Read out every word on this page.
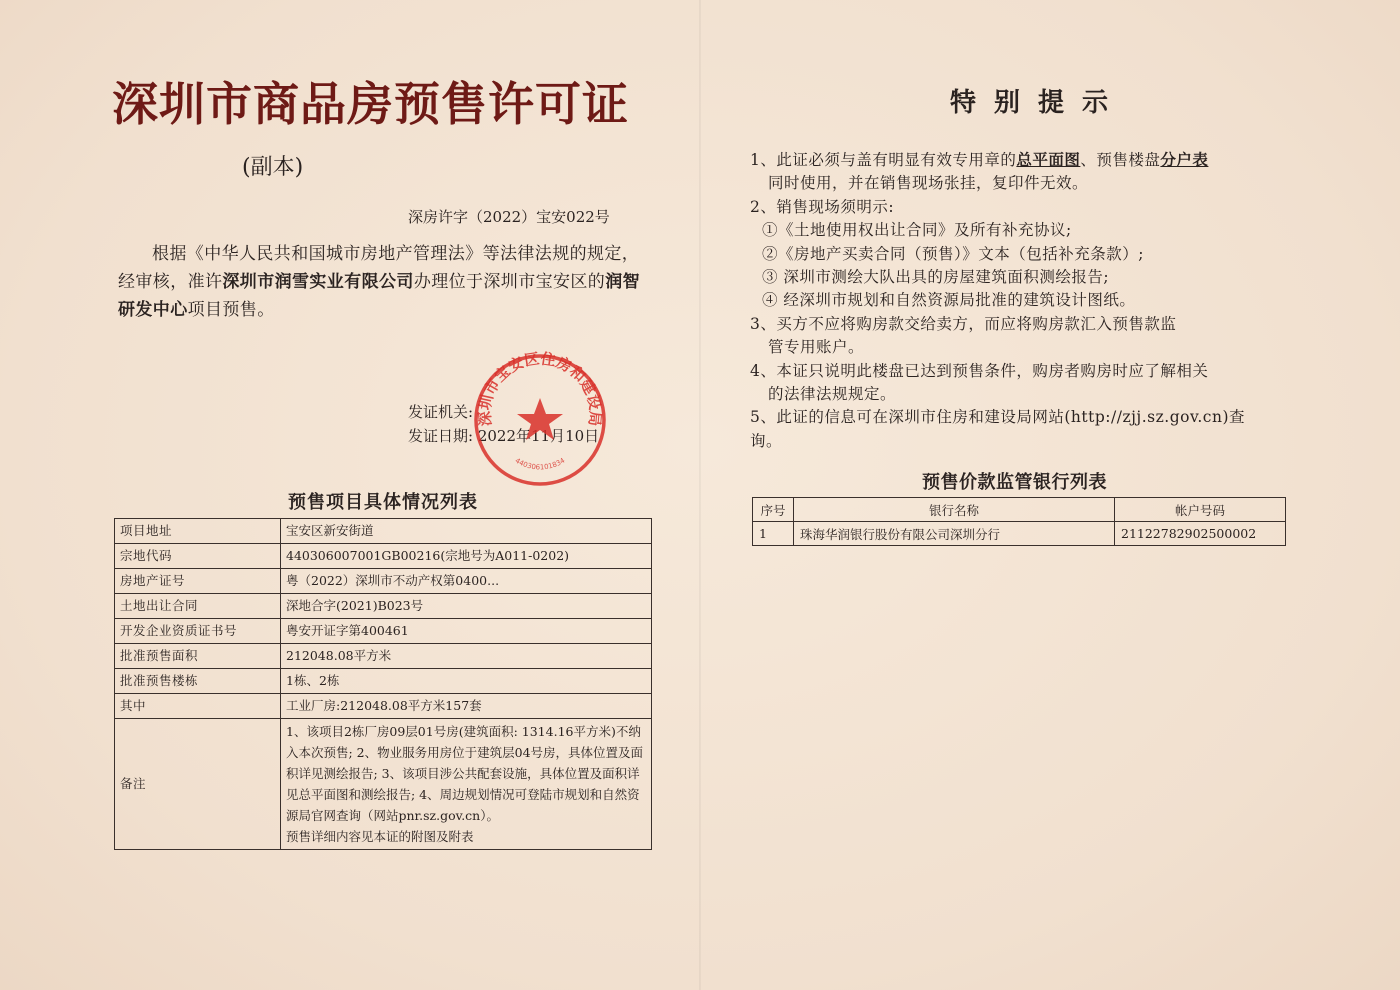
深圳市商品房预售许可证
(副本)
深房许字（2022）宝安022号
根据《中华人民共和国城市房地产管理法》等法律法规的规定，经审核，准许深圳市润雪实业有限公司办理位于深圳市宝安区的润智研发中心项目预售。
发证机关:
发证日期: 2022年11月10日
深圳市宝安区住房和建设局
440306101834
预售项目具体情况列表
项目地址	宝安区新安街道
宗地代码	440306007001GB00216(宗地号为A011-0202)
房地产证号	粤（2022）深圳市不动产权第0400...
土地出让合同	深地合字(2021)B023号
开发企业资质证书号	粤安开证字第400461
批准预售面积	212048.08平方米
批准预售楼栋	1栋、2栋
其中	工业厂房:212048.08平方米157套
备注	1、该项目2栋厂房09层01号房(建筑面积: 1314.16平方米)不纳入本次预售; 2、物业服务用房位于建筑层04号房，具体位置及面积详见测绘报告; 3、该项目涉公共配套设施，具体位置及面积详见总平面图和测绘报告; 4、周边规划情况可登陆市规划和自然资源局官网查询（网站pnr.sz.gov.cn）。
预售详细内容见本证的附图及附表
特别提示

1、此证必须与盖有明显有效专用章的总平面图、预售楼盘分户表

同时使用，并在销售现场张挂，复印件无效。

2、销售现场须明示:

①《土地使用权出让合同》及所有补充协议;

②《房地产买卖合同（预售）》文本（包括补充条款）;

③ 深圳市测绘大队出具的房屋建筑面积测绘报告;

④ 经深圳市规划和自然资源局批准的建筑设计图纸。

3、买方不应将购房款交给卖方，而应将购房款汇入预售款监

管专用账户。

4、本证只说明此楼盘已达到预售条件，购房者购房时应了解相关

的法律法规规定。

5、此证的信息可在深圳市住房和建设局网站(http://zjj.sz.gov.cn)查

询。

预售价款监管银行列表
序号	银行名称	帐户号码
1	珠海华润银行股份有限公司深圳分行	21122782902500002
